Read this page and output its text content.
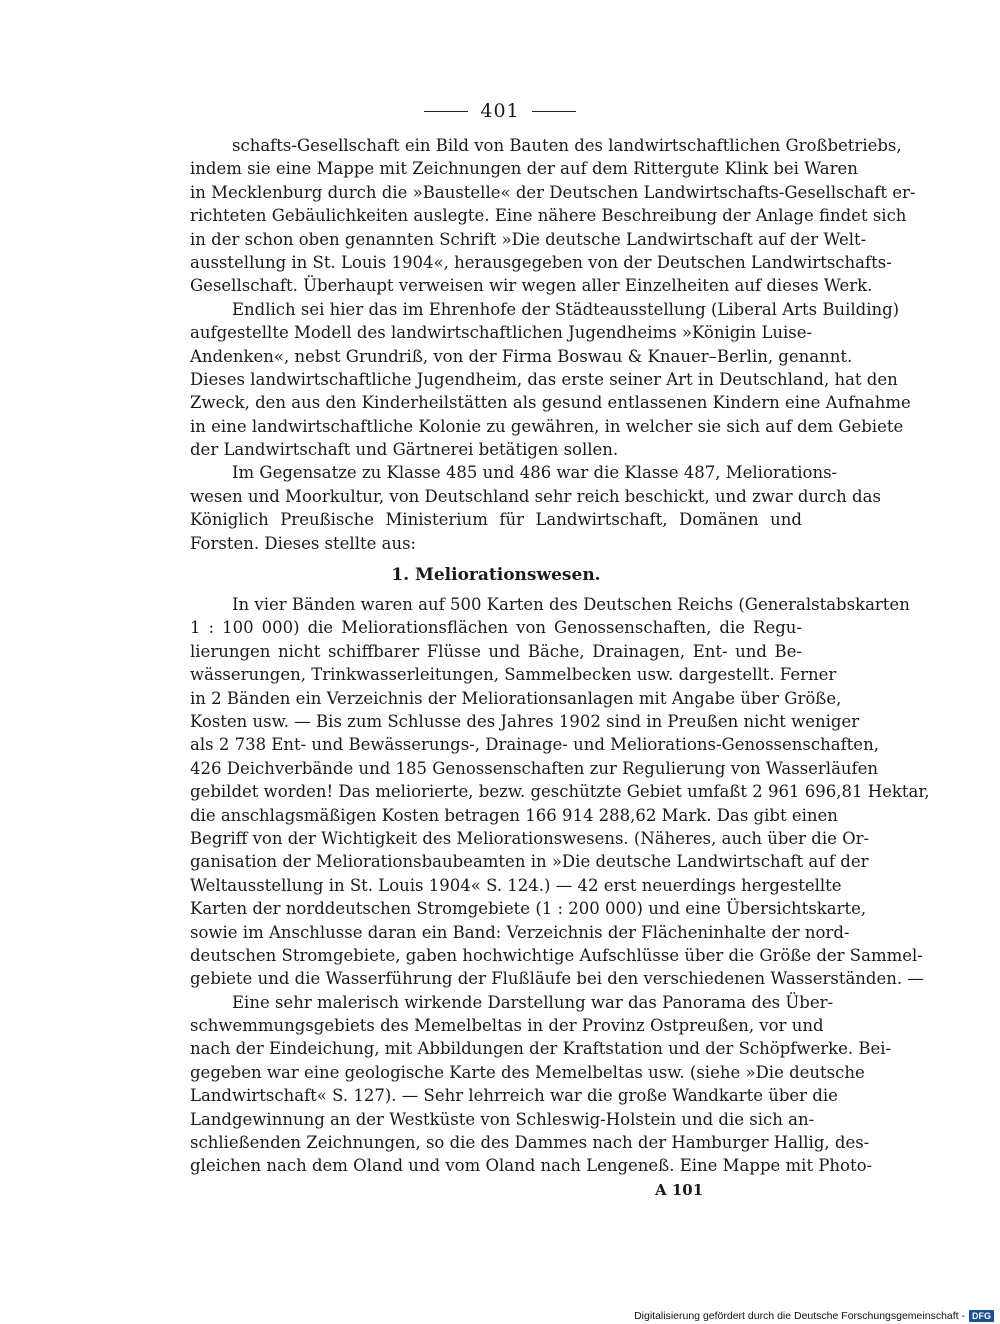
401
schafts-Gesellschaft ein Bild von Bauten des landwirtschaftlichen Großbetriebs,
indem sie eine Mappe mit Zeichnungen der auf dem Rittergute Klink bei Waren
in Mecklenburg durch die »Baustelle« der Deutschen Landwirtschafts-Gesellschaft er-
richteten Gebäulichkeiten auslegte. Eine nähere Beschreibung der Anlage findet sich
in der schon oben genannten Schrift »Die deutsche Landwirtschaft auf der Welt-
ausstellung in St. Louis 1904«, herausgegeben von der Deutschen Landwirtschafts-
Gesellschaft. Überhaupt verweisen wir wegen aller Einzelheiten auf dieses Werk.
Endlich sei hier das im Ehrenhofe der Städteausstellung (Liberal Arts Building)
aufgestellte Modell des landwirtschaftlichen Jugendheims »Königin Luise-
Andenken«, nebst Grundriß, von der Firma Boswau & Knauer–Berlin, genannt.
Dieses landwirtschaftliche Jugendheim, das erste seiner Art in Deutschland, hat den
Zweck, den aus den Kinderheilstätten als gesund entlassenen Kindern eine Aufnahme
in eine landwirtschaftliche Kolonie zu gewähren, in welcher sie sich auf dem Gebiete
der Landwirtschaft und Gärtnerei betätigen sollen.
Im Gegensatze zu Klasse 485 und 486 war die Klasse 487, Meliorations-
wesen und Moorkultur, von Deutschland sehr reich beschickt, und zwar durch das
Königlich Preußische Ministerium für Landwirtschaft, Domänen und
Forsten. Dieses stellte aus:
1. Meliorationswesen.
In vier Bänden waren auf 500 Karten des Deutschen Reichs (Generalstabskarten
1 : 100 000) die Meliorationsflächen von Genossenschaften, die Regu-
lierungen nicht schiffbarer Flüsse und Bäche, Drainagen, Ent- und Be-
wässerungen, Trinkwasserleitungen, Sammelbecken usw. dargestellt. Ferner
in 2 Bänden ein Verzeichnis der Meliorationsanlagen mit Angabe über Größe,
Kosten usw. — Bis zum Schlusse des Jahres 1902 sind in Preußen nicht weniger
als 2 738 Ent- und Bewässerungs-, Drainage- und Meliorations-Genossenschaften,
426 Deichverbände und 185 Genossenschaften zur Regulierung von Wasserläufen
gebildet worden! Das meliorierte, bezw. geschützte Gebiet umfaßt 2 961 696,81 Hektar,
die anschlagsmäßigen Kosten betragen 166 914 288,62 Mark. Das gibt einen
Begriff von der Wichtigkeit des Meliorationswesens. (Näheres, auch über die Or-
ganisation der Meliorationsbaubeamten in »Die deutsche Landwirtschaft auf der
Weltausstellung in St. Louis 1904« S. 124.) — 42 erst neuerdings hergestellte
Karten der norddeutschen Stromgebiete (1 : 200 000) und eine Übersichtskarte,
sowie im Anschlusse daran ein Band: Verzeichnis der Flächeninhalte der nord-
deutschen Stromgebiete, gaben hochwichtige Aufschlüsse über die Größe der Sammel-
gebiete und die Wasserführung der Flußläufe bei den verschiedenen Wasserständen. —
Eine sehr malerisch wirkende Darstellung war das Panorama des Über-
schwemmungsgebiets des Memelbeltas in der Provinz Ostpreußen, vor und
nach der Eindeichung, mit Abbildungen der Kraftstation und der Schöpfwerke. Bei-
gegeben war eine geologische Karte des Memelbeltas usw. (siehe »Die deutsche
Landwirtschaft« S. 127). — Sehr lehrreich war die große Wandkarte über die
Landgewinnung an der Westküste von Schleswig-Holstein und die sich an-
schließenden Zeichnungen, so die des Dammes nach der Hamburger Hallig, des-
gleichen nach dem Oland und vom Oland nach Lengeneß. Eine Mappe mit Photo-
A 101
Digitalisierung gefördert durch die Deutsche Forschungsgemeinschaft - DFG
